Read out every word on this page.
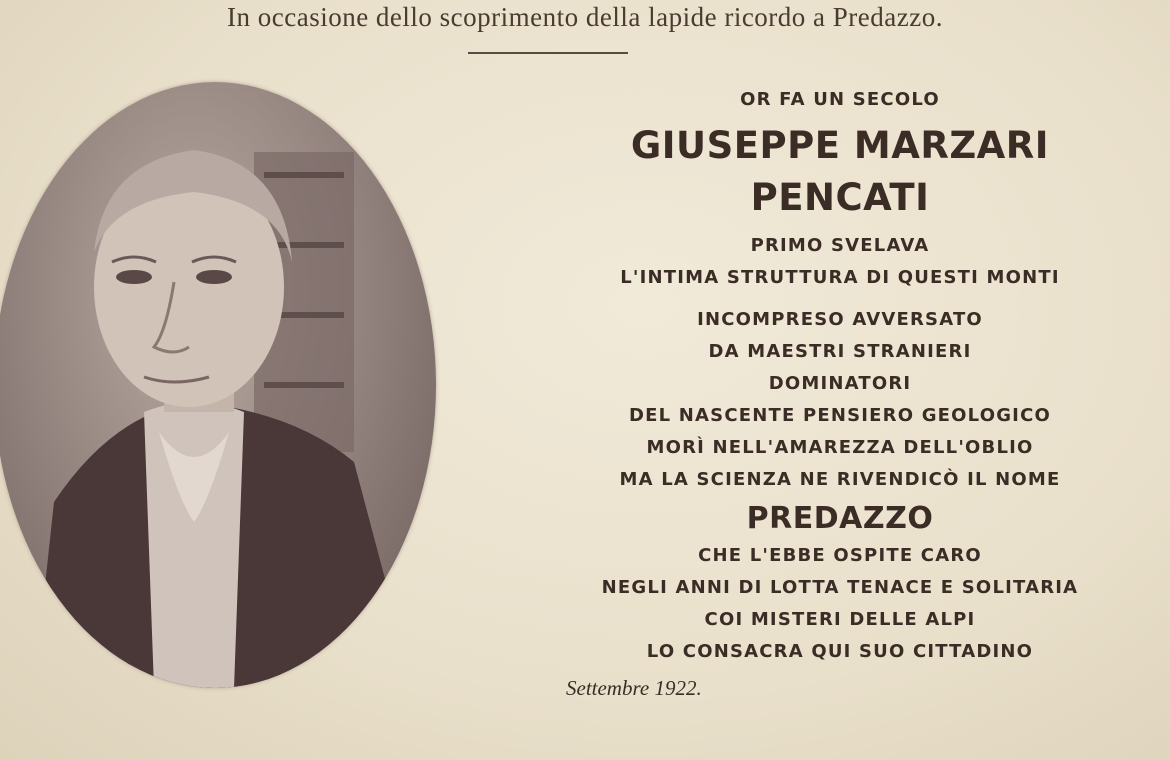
In occasione dello scoprimento della lapide ricordo a Predazzo.
OR FA UN SECOLO
GIUSEPPE MARZARI PENCATI
PRIMO SVELAVA
L'INTIMA STRUTTURA DI QUESTI MONTI
INCOMPRESO AVVERSATO
DA MAESTRI STRANIERI
DOMINATORI
DEL NASCENTE PENSIERO GEOLOGICO
MORÌ NELL'AMAREZZA DELL'OBLIO
MA LA SCIENZA NE RIVENDICÒ IL NOME
PREDAZZO
CHE L'EBBE OSPITE CARO
NEGLI ANNI DI LOTTA TENACE E SOLITARIA
COI MISTERI DELLE ALPI
LO CONSACRA QUI SUO CITTADINO
Settembre 1922.
